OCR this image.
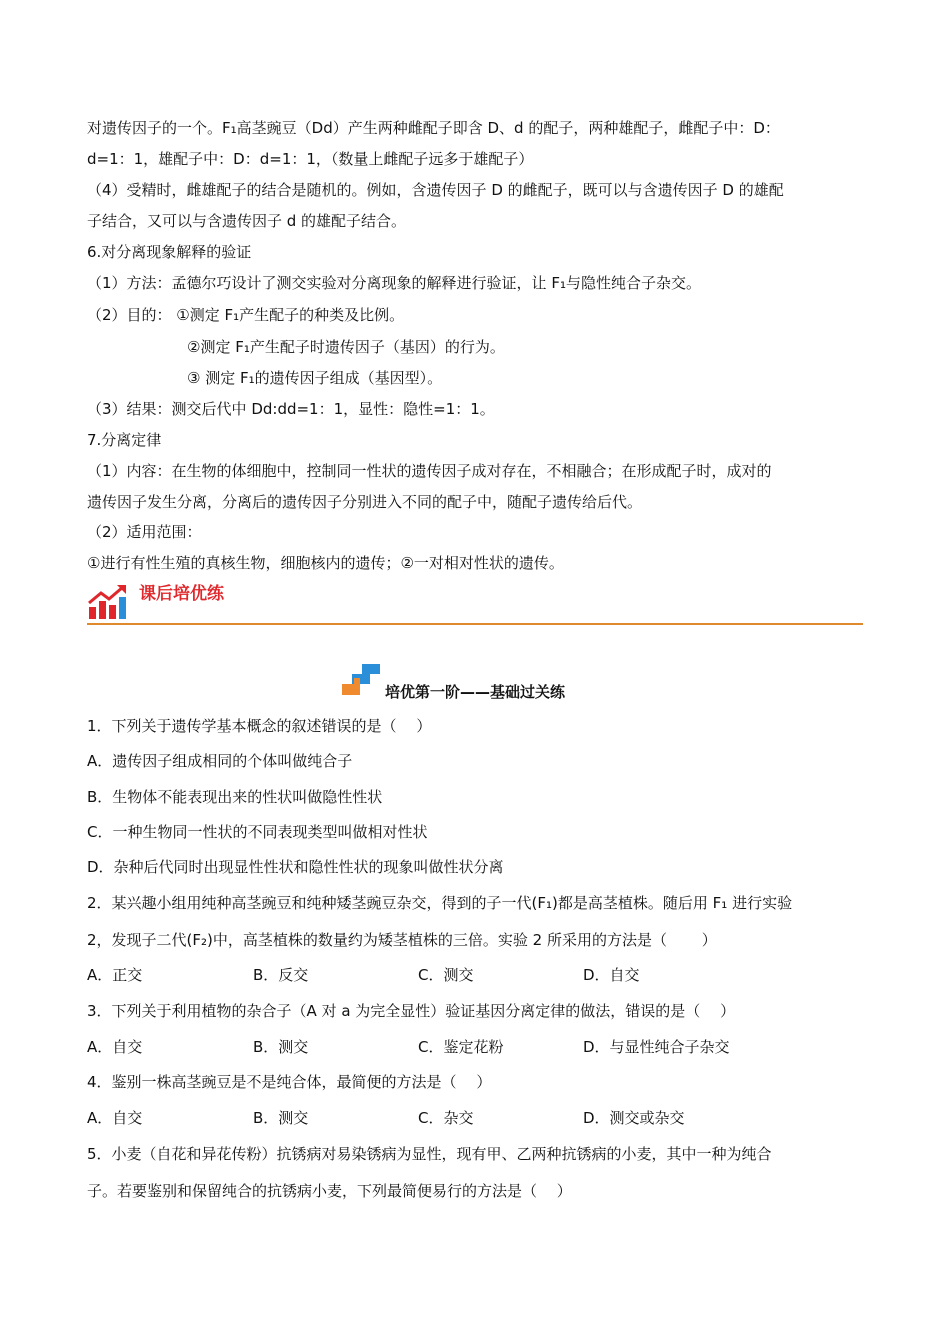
对遗传因子的一个。F₁高茎豌豆（Dd）产生两种雌配子即含 D、d 的配子，两种雄配子，雌配子中：D：
d=1：1，雄配子中：D：d=1：1，（数量上雌配子远多于雄配子）
（4）受精时，雌雄配子的结合是随机的。例如，含遗传因子 D 的雌配子，既可以与含遗传因子 D 的雄配
子结合，又可以与含遗传因子 d 的雄配子结合。
6.对分离现象解释的验证
（1）方法：孟德尔巧设计了测交实验对分离现象的解释进行验证，让 F₁与隐性纯合子杂交。
（2）目的： ①测定 F₁产生配子的种类及比例。
②测定 F₁产生配子时遗传因子（基因）的行为。
③ 测定 F₁的遗传因子组成（基因型）。
（3）结果：测交后代中 Dd:dd=1：1，显性：隐性=1：1。
7.分离定律
（1）内容：在生物的体细胞中，控制同一性状的遗传因子成对存在，不相融合；在形成配子时，成对的
遗传因子发生分离，分离后的遗传因子分别进入不同的配子中，随配子遗传给后代。
（2）适用范围：
①进行有性生殖的真核生物，细胞核内的遗传；②一对相对性状的遗传。
课后培优练
培优第一阶——基础过关练
1．下列关于遗传学基本概念的叙述错误的是（　 ）
A．遗传因子组成相同的个体叫做纯合子
B．生物体不能表现出来的性状叫做隐性性状
C．一种生物同一性状的不同表现类型叫做相对性状
D．杂种后代同时出现显性性状和隐性性状的现象叫做性状分离
2．某兴趣小组用纯种高茎豌豆和纯种矮茎豌豆杂交，得到的子一代(F₁)都是高茎植株。随后用 F₁ 进行实验
2，发现子二代(F₂)中，高茎植株的数量约为矮茎植株的三倍。实验 2 所采用的方法是（　　 ）
A．正交	B．反交	C．测交	D．自交
3．下列关于利用植物的杂合子（A 对 a 为完全显性）验证基因分离定律的做法，错误的是（　 ）
A．自交	B．测交	C．鉴定花粉	D．与显性纯合子杂交
4．鉴别一株高茎豌豆是不是纯合体，最简便的方法是（　 ）
A．自交	B．测交	C．杂交	D．测交或杂交
5．小麦（自花和异花传粉）抗锈病对易染锈病为显性，现有甲、乙两种抗锈病的小麦，其中一种为纯合
子。若要鉴别和保留纯合的抗锈病小麦，下列最简便易行的方法是（　 ）
